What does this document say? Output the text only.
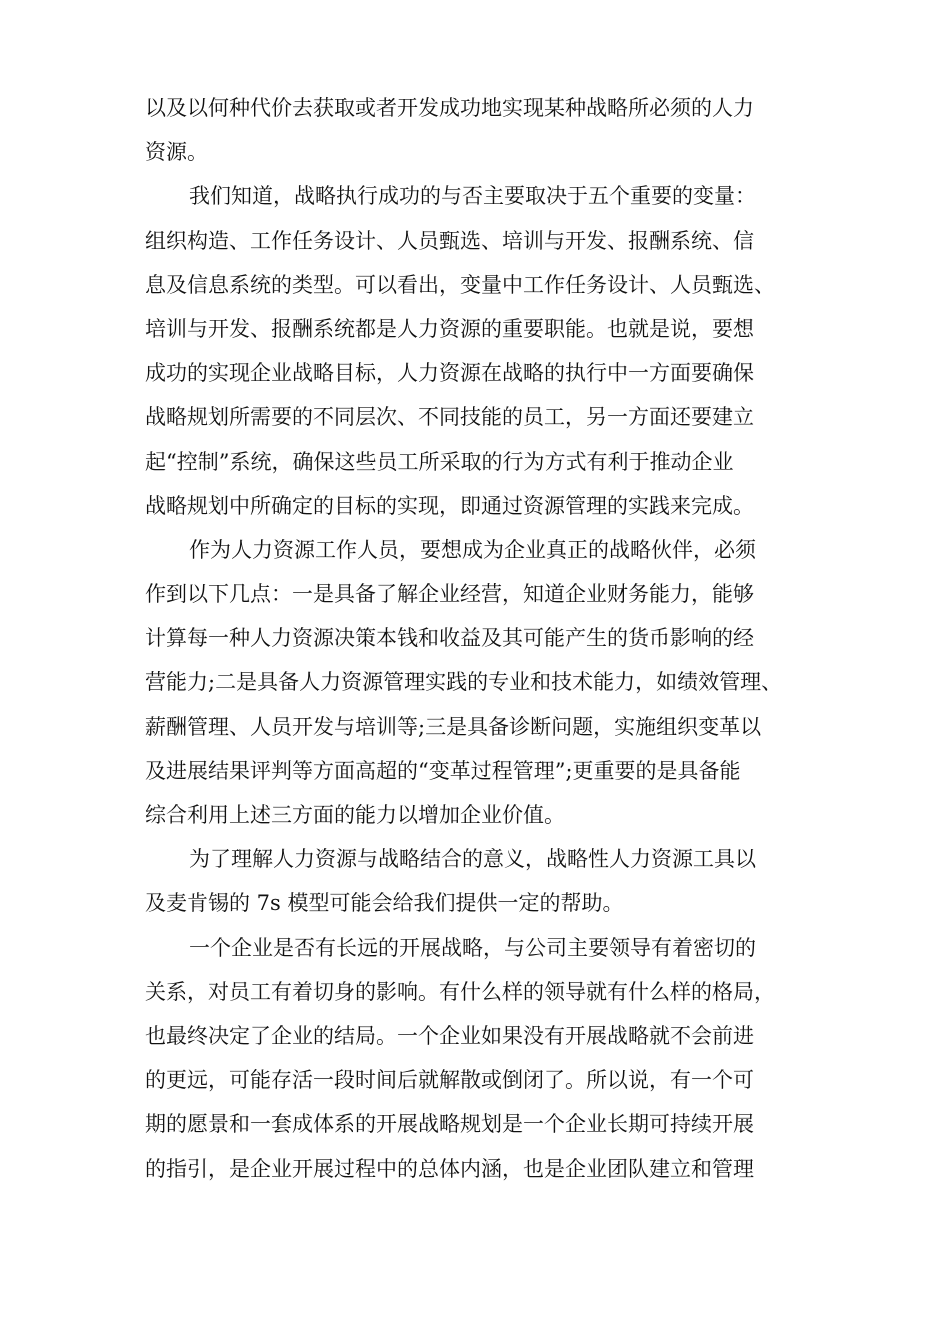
以及以何种代价去获取或者开发成功地实现某种战略所必须的人力
资源。
我们知道，战略执行成功的与否主要取决于五个重要的变量：
组织构造、工作任务设计、人员甄选、培训与开发、报酬系统、信
息及信息系统的类型。可以看出，变量中工作任务设计、人员甄选、
培训与开发、报酬系统都是人力资源的重要职能。也就是说，要想
成功的实现企业战略目标，人力资源在战略的执行中一方面要确保
战略规划所需要的不同层次、不同技能的员工，另一方面还要建立
起“控制”系统，确保这些员工所采取的行为方式有利于推动企业
战略规划中所确定的目标的实现，即通过资源管理的实践来完成。
作为人力资源工作人员，要想成为企业真正的战略伙伴，必须
作到以下几点：一是具备了解企业经营，知道企业财务能力，能够
计算每一种人力资源决策本钱和收益及其可能产生的货币影响的经
营能力;二是具备人力资源管理实践的专业和技术能力，如绩效管理、
薪酬管理、人员开发与培训等;三是具备诊断问题，实施组织变革以
及进展结果评判等方面高超的“变革过程管理”;更重要的是具备能
综合利用上述三方面的能力以增加企业价值。
为了理解人力资源与战略结合的意义，战略性人力资源工具以
及麦肯锡的 7s 模型可能会给我们提供一定的帮助。
一个企业是否有长远的开展战略，与公司主要领导有着密切的
关系，对员工有着切身的影响。有什么样的领导就有什么样的格局，
也最终决定了企业的结局。一个企业如果没有开展战略就不会前进
的更远，可能存活一段时间后就解散或倒闭了。所以说，有一个可
期的愿景和一套成体系的开展战略规划是一个企业长期可持续开展
的指引，是企业开展过程中的总体内涵，也是企业团队建立和管理
